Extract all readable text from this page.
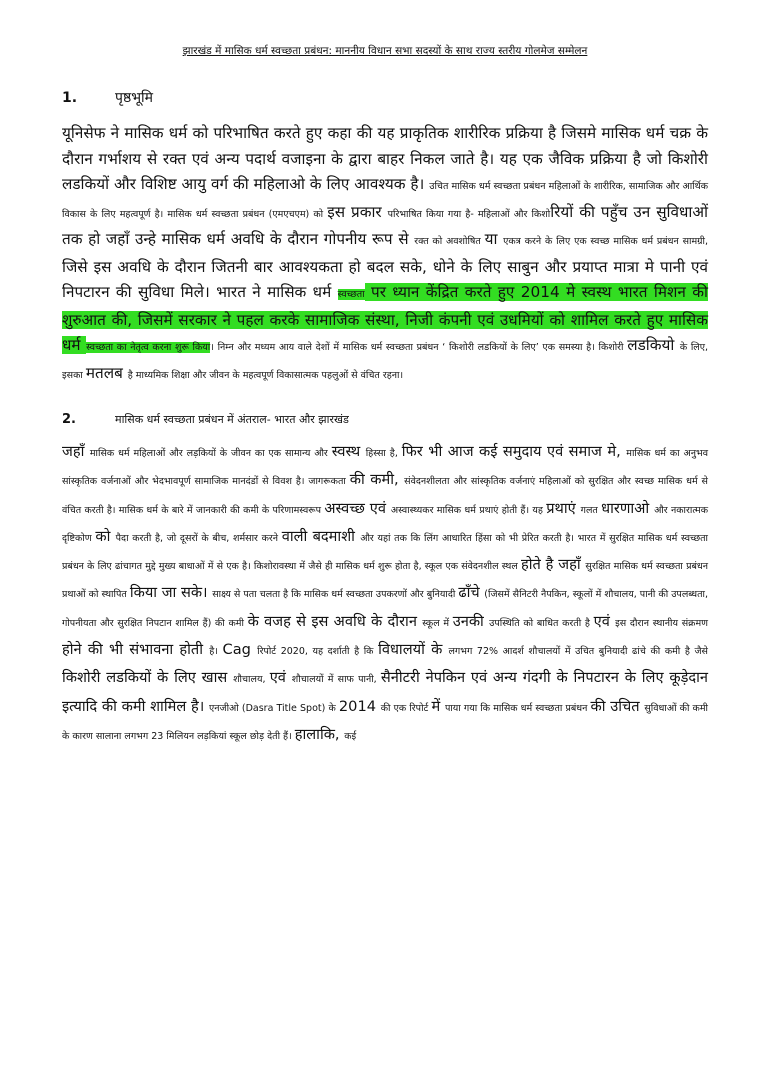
झारखंड में मासिक धर्म स्वच्छता प्रबंधन: माननीय विधान सभा सदस्यों के साथ राज्य स्तरीय गोलमेज सम्मेलन
1.	पृष्ठभूमि

यूनिसेफ ने मासिक धर्म को परिभाषित करते हुए कहा की यह प्राकृतिक शारीरिक प्रक्रिया है जिसमे मासिक धर्म चक्र के दौरान गर्भाशय से रक्त एवं अन्य पदार्थ वजाइना के द्वारा बाहर निकल जाते है। यह एक जैविक प्रक्रिया है जो किशोरी लडकियों और विशिष्ट आयु वर्ग की महिलाओ के लिए आवश्यक है। उचित मासिक धर्म स्वच्छता प्रबंधन महिलाओं के शारीरिक, सामाजिक और आर्थिक विकास के लिए महत्वपूर्ण है। मासिक धर्म स्वच्छता प्रबंधन (एमएचएम) को इस प्रकार परिभाषित किया गया है- महिलाओं और किशोरियों की पहुँच उन सुविधाओं तक हो जहाँ उन्हे मासिक धर्म अवधि के दौरान गोपनीय रूप से रक्त को अवशोषित या एकत्र करने के लिए एक स्वच्छ मासिक धर्म प्रबंधन सामग्री, जिसे इस अवधि के दौरान जितनी बार आवश्यकता हो बदल सके, धोने के लिए साबुन और प्रयाप्त मात्रा मे पानी एवं निपटारन की सुविधा मिले। भारत ने मासिक धर्म स्वच्छता पर ध्यान केंद्रित करते हुए 2014 मे स्वस्थ भारत मिशन की शुरुआत की, जिसमें सरकार ने पहल करके सामाजिक संस्था, निजी कंपनी एवं उधमियों को शामिल करते हुए मासिक धर्म स्वच्छता का नेतृत्व करना शुरू किया। निम्न और मध्यम आय वाले देशों में मासिक धर्म स्वच्छता प्रबंधन ‘ किशोरी लडकियों के लिए’ एक समस्या है। किशोरी लडकियो के लिए, इसका मतलब है माध्यमिक शिक्षा और जीवन के महत्वपूर्ण विकासात्मक पहलुओं से वंचित रहना।

2.	मासिक धर्म स्वच्छता प्रबंधन में अंतराल- भारत और झारखंड

जहाँ मासिक धर्म महिलाओं और लड़कियों के जीवन का एक सामान्य और स्वस्थ हिस्सा है, फिर भी आज कई समुदाय एवं समाज मे, मासिक धर्म का अनुभव सांस्कृतिक वर्जनाओं और भेदभावपूर्ण सामाजिक मानदंडों से विवश है। जागरूकता की कमी, संवेदनशीलता और सांस्कृतिक वर्जनाएं महिलाओं को सुरक्षित और स्वच्छ मासिक धर्म से वंचित करती है। मासिक धर्म के बारे में जानकारी की कमी के परिणामस्वरूप अस्वच्छ एवं अस्वास्थ्यकर मासिक धर्म प्रथाएं होती हैं। यह प्रथाएं गलत धारणाओ और नकारात्मक दृष्टिकोण को पैदा करती है, जो दूसरों के बीच, शर्मसार करने वाली बदमाशी और यहां तक कि लिंग आधारित हिंसा को भी प्रेरित करती है। भारत में सुरक्षित मासिक धर्म स्वच्छता प्रबंधन के लिए ढांचागत मुद्दे मुख्य बाधाओं में से एक है। किशोरावस्था में जैसे ही मासिक धर्म शुरू होता है, स्कूल एक संवेदनशील स्थल होते है जहाँ सुरक्षित मासिक धर्म स्वच्छता प्रबंधन प्रथाओं को स्थापित किया जा सके। साक्ष्य से पता चलता है कि मासिक धर्म स्वच्छता उपकरणों और बुनियादी ढाँचे (जिसमें सैनिटरी नैपकिन, स्कूलों में शौचालय, पानी की उपलब्धता, गोपनीयता और सुरक्षित निपटान शामिल हैं) की कमी के वजह से इस अवधि के दौरान स्कूल में उनकी उपस्थिति को बाधित करती है एवं इस दौरान स्थानीय संक्रमण होने की भी संभावना होती है। Cag रिपोर्ट 2020, यह दर्शाती है कि विधालयों के लगभग 72% आदर्श शौचालयों में उचित बुनियादी ढांचे की कमी है जैसे किशोरी लडकियों के लिए खास शौचालय, एवं शौचालयों में साफ पानी, सैनीटरी नेपकिन एवं अन्य गंदगी के निपटारन के लिए कूड़ेदान इत्यादि की कमी शामिल है। एनजीओ (Dasra Title Spot) के 2014 की एक रिपोर्ट में पाया गया कि मासिक धर्म स्वच्छता प्रबंधन की उचित सुविधाओं की कमी के कारण सालाना लगभग 23 मिलियन लड़कियां स्कूल छोड़ देती हैं। हालाकि, कई
